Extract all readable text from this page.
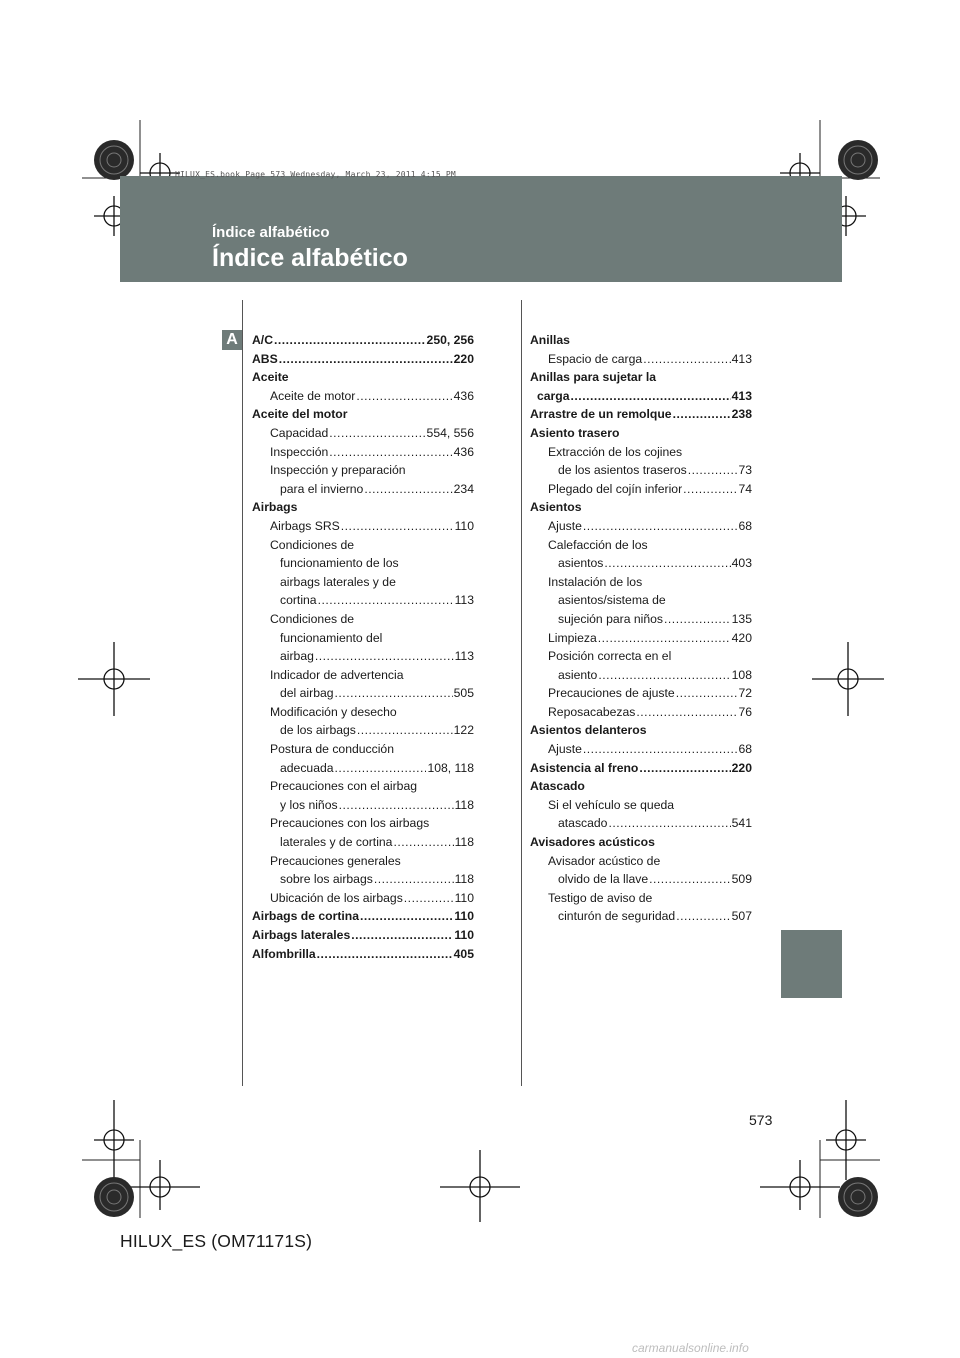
HILUX_ES.book Page 573 Wednesday, March 23, 2011 4:15 PM
Índice alfabético
Índice alfabético
A	A/C .....	250, 256
ABS .....	220
Aceite
Aceite de motor .....	436
Aceite del motor
Capacidad .....	554, 556
Inspección .....	436
Inspección y preparación
para el invierno .....	234
Airbags
Airbags SRS .....	110
Condiciones de
funcionamiento de los
airbags laterales y de
cortina .....	113
Condiciones de
funcionamiento del
airbag .....	113
Indicador de advertencia
del airbag .....	505
Modificación y desecho
de los airbags .....	122
Postura de conducción
adecuada .....	108, 118
Precauciones con el airbag
y los niños .....	118
Precauciones con los airbags
laterales y de cortina .....	118
Precauciones generales
sobre los airbags .....	118
Ubicación de los airbags .....	110
Airbags de cortina .....	110
Airbags laterales .....	110
Alfombrilla .....	405
Anillas
Espacio de carga .....	413
Anillas para sujetar la
carga .....	413
Arrastre de un remolque .....	238
Asiento trasero
Extracción de los cojines
de los asientos traseros .....	73
Plegado del cojín inferior .....	74
Asientos
Ajuste .....	68
Calefacción de los
asientos .....	403
Instalación de los
asientos/sistema de
sujeción para niños .....	135
Limpieza .....	420
Posición correcta en el
asiento .....	108
Precauciones de ajuste .....	72
Reposacabezas .....	76
Asientos delanteros
Ajuste .....	68
Asistencia al freno .....	220
Atascado
Si el vehículo se queda
atascado .....	541
Avisadores acústicos
Avisador acústico de
olvido de la llave .....	509
Testigo de aviso de
cinturón de seguridad .....	507
573
HILUX_ES (OM71171S)
carmanualsonline.info
